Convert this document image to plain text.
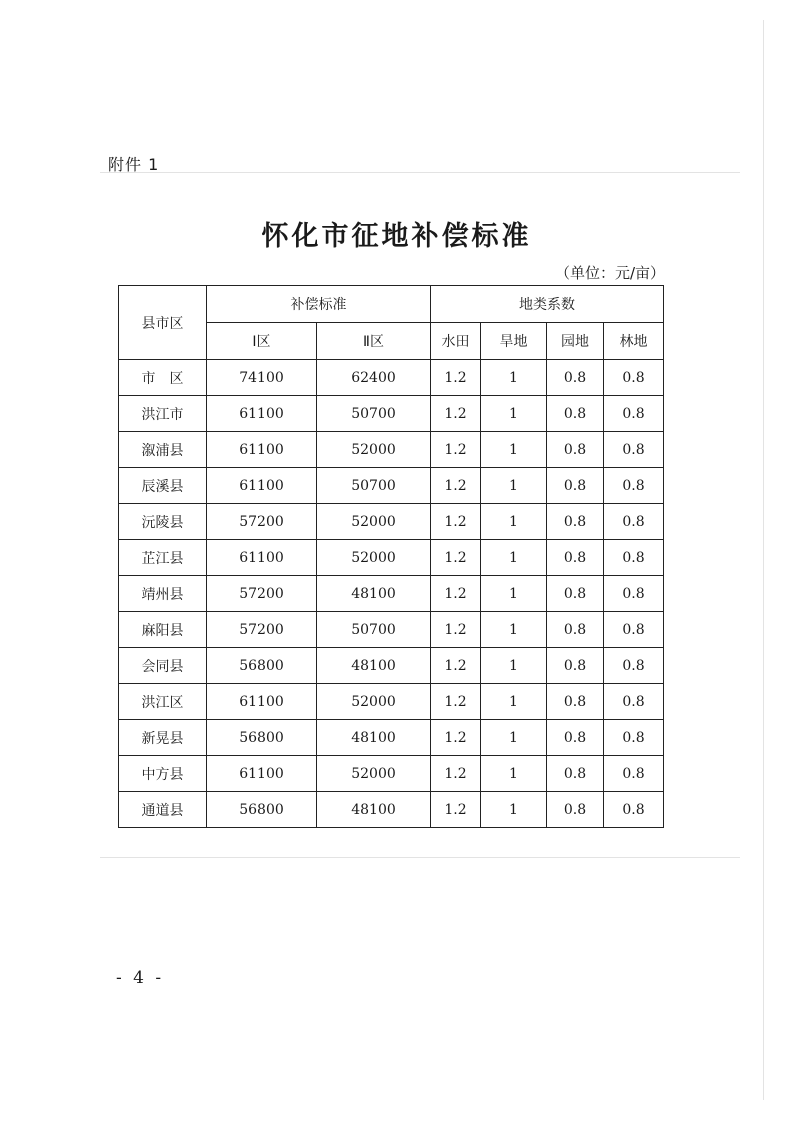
附件 1
怀化市征地补偿标准
（单位：元/亩）
县市区	补偿标准		地类系数			
	Ⅰ区	Ⅱ区	水田	旱地	园地	林地
市　区	74100	62400	1.2	1	0.8	0.8
洪江市	61100	50700	1.2	1	0.8	0.8
溆浦县	61100	52000	1.2	1	0.8	0.8
辰溪县	61100	50700	1.2	1	0.8	0.8
沅陵县	57200	52000	1.2	1	0.8	0.8
芷江县	61100	52000	1.2	1	0.8	0.8
靖州县	57200	48100	1.2	1	0.8	0.8
麻阳县	57200	50700	1.2	1	0.8	0.8
会同县	56800	48100	1.2	1	0.8	0.8
洪江区	61100	52000	1.2	1	0.8	0.8
新晃县	56800	48100	1.2	1	0.8	0.8
中方县	61100	52000	1.2	1	0.8	0.8
通道县	56800	48100	1.2	1	0.8	0.8
- 4 -
